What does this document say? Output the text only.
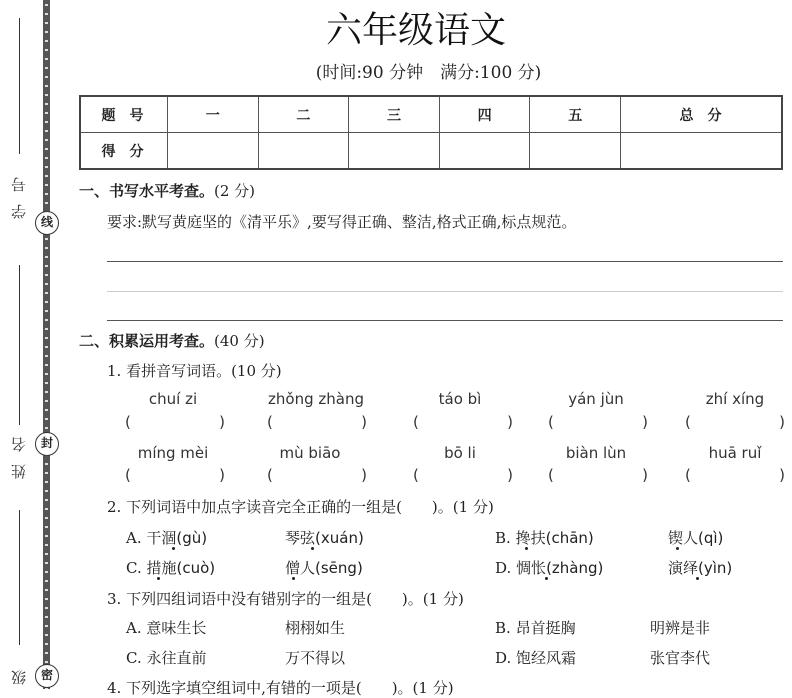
学号
姓名
级
线
封
密
六年级语文
(时间:90 分钟　满分:100 分)
题号	一	二	三	四	五	总分
得分						
一、书写水平考查。(2 分)
要求:默写黄庭坚的《清平乐》,要写得正确、整洁,格式正确,标点规范。
二、积累运用考查。(40 分)
1. 看拼音写词语。(10 分)
chuí zi	zhǒng zhàng	táo bì	yán jùn	zhí xíng
(	)	(	)	(	) (	) (	)
míng mèi	mù biāo	bō li	biàn lùn	huā ruǐ
(	)	(	)	(	) (	) (	)
2. 下列词语中加点字读音完全正确的一组是(　　)。(1 分)
A. 干涸(gù)	琴弦(xuán)	B. 搀扶(chān)	锲人(qì)
C. 措施(cuò)	僧人(sēng)	D. 惆怅(zhàng)	演绎(yìn)
3. 下列四组词语中没有错别字的一组是(　　)。(1 分)
A. 意味生长	栩栩如生	B. 昂首挺胸	明辨是非
C. 永往直前	万不得以	D. 饱经风霜	张官李代
4. 下列选字填空组词中,有错的一项是(　　)。(1 分)
